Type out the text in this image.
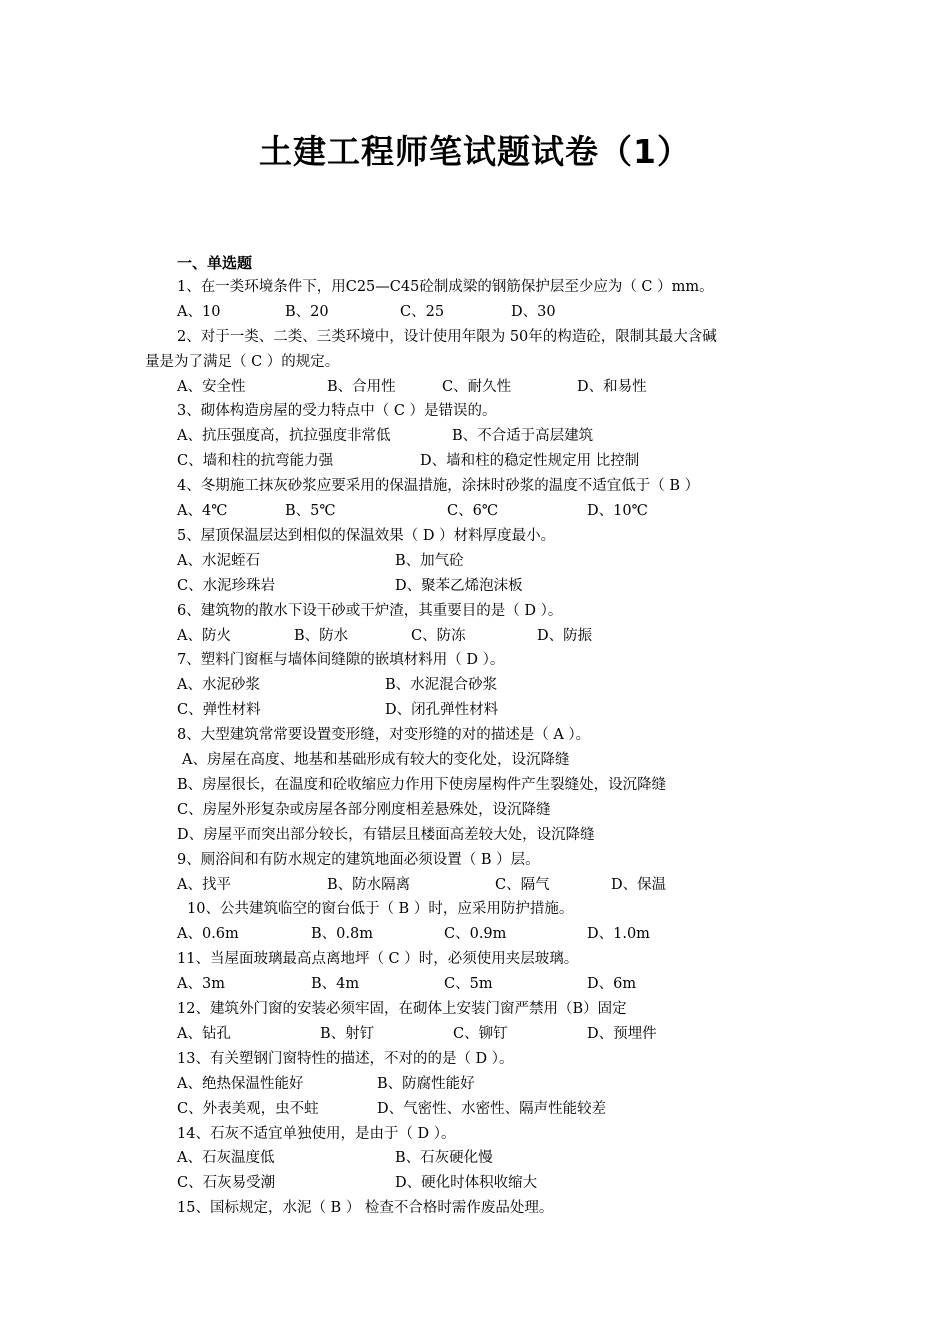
土建工程师笔试题试卷（1）
一、单选题
1、在一类环境条件下，用C25—C45砼制成梁的钢筋保护层至少应为（ C ）mm。
A、10	B、20	C、25	D、30
2、对于一类、二类、三类环境中，设计使用年限为 50年的构造砼，限制其最大含碱
量是为了满足（ C ）的规定。
A、安全性	B、合用性	C、耐久性	D、和易性
3、砌体构造房屋的受力特点中（ C ）是错误的。
A、抗压强度高，抗拉强度非常低	B、不合适于高层建筑
C、墙和柱的抗弯能力强	D、墙和柱的稳定性规定用 比控制
4、冬期施工抹灰砂浆应要采用的保温措施，涂抹时砂浆的温度不适宜低于（ B ）
A、4℃	B、5℃	C、6℃	D、10℃
5、屋顶保温层达到相似的保温效果（ D ）材料厚度最小。
A、水泥蛭石	B、加气砼
C、水泥珍珠岩	D、聚苯乙烯泡沫板
6、建筑物的散水下设干砂或干炉渣，其重要目的是（ D ）。
A、防火	B、防水	C、防冻	D、防振
7、塑料门窗框与墙体间缝隙的嵌填材料用（ D ）。
A、水泥砂浆	B、水泥混合砂浆
C、弹性材料	D、闭孔弹性材料
8、大型建筑常常要设置变形缝，对变形缝的对的描述是（ A ）。
A、房屋在高度、地基和基础形成有较大的变化处，设沉降缝
B、房屋很长，在温度和砼收缩应力作用下使房屋构件产生裂缝处，设沉降缝
C、房屋外形复杂或房屋各部分刚度相差悬殊处，设沉降缝
D、房屋平而突出部分较长，有错层且楼面高差较大处，设沉降缝
9、厕浴间和有防水规定的建筑地面必须设置（ B ）层。
A、找平	B、防水隔离	C、隔气	D、保温
10、公共建筑临空的窗台低于（ B ）时，应采用防护措施。
A、0.6m	B、0.8m	C、0.9m	D、1.0m
11、当屋面玻璃最高点离地坪（ C ）时，必须使用夹层玻璃。
A、3m	B、4m	C、5m	D、6m
12、建筑外门窗的安装必须牢固，在砌体上安装门窗严禁用（B）固定
A、钻孔	B、射钉	C、铆钉	D、预埋件
13、有关塑钢门窗特性的描述，不对的的是（ D ）。
A、绝热保温性能好	B、防腐性能好
C、外表美观，虫不蛀	D、气密性、水密性、隔声性能较差
14、石灰不适宜单独使用，是由于（ D ）。
A、石灰温度低	B、石灰硬化慢
C、石灰易受潮	D、硬化时体积收缩大
15、国标规定，水泥（ B ） 检查不合格时需作废品处理。
